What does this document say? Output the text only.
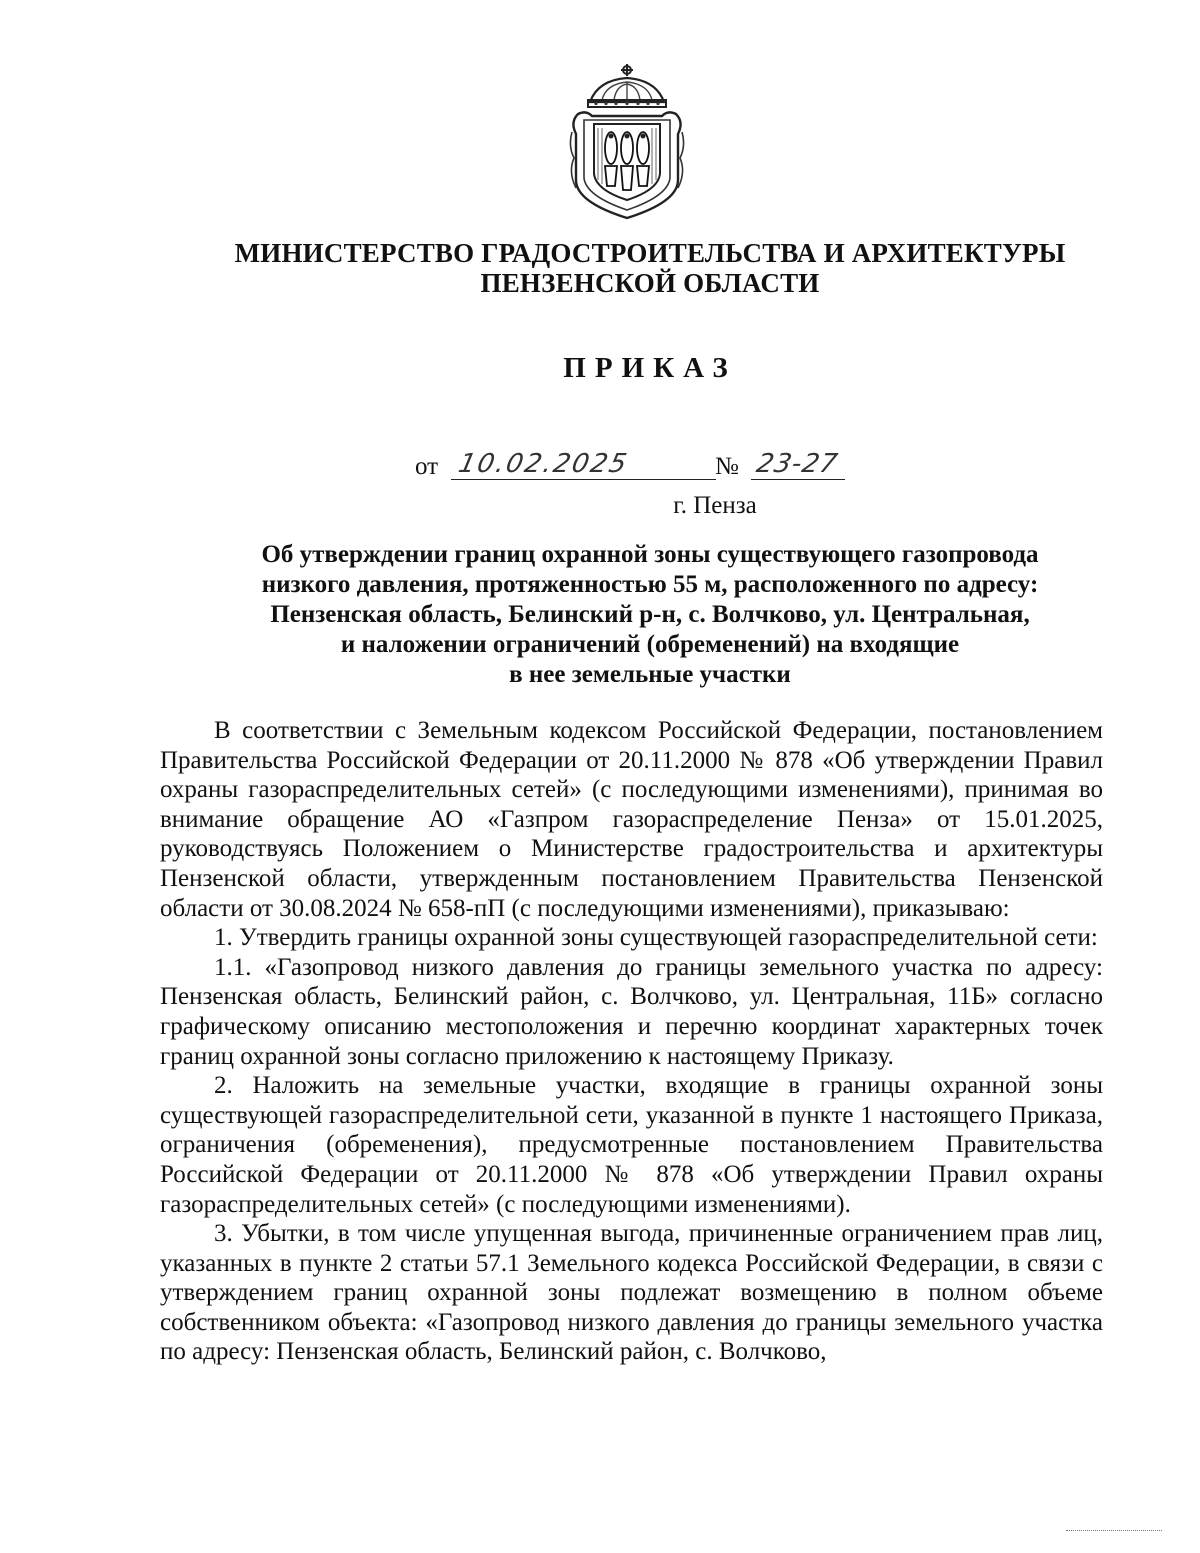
МИНИСТЕРСТВО ГРАДОСТРОИТЕЛЬСТВА И АРХИТЕКТУРЫ
ПЕНЗЕНСКОЙ ОБЛАСТИ
ПРИКАЗ
от 10.02.2025	№ 23-27
г. Пенза
Об утверждении границ охранной зоны существующего газопровода
низкого давления, протяженностью 55 м, расположенного по адресу:
Пензенская область, Белинский р-н, с. Волчково, ул. Центральная,
и наложении ограничений (обременений) на входящие
в нее земельные участки

В соответствии с Земельным кодексом Российской Федерации, постановлением Правительства Российской Федерации от 20.11.2000 № 878 «Об утверждении Правил охраны газораспределительных сетей» (с последующими изменениями), принимая во внимание обращение АО «Газпром газораспределение Пенза» от 15.01.2025, руководствуясь Положением о Министерстве градостроительства и архитектуры Пензенской области, утвержденным постановлением Правительства Пензенской области от 30.08.2024 № 658-пП (с последующими изменениями), приказываю:

1. Утвердить границы охранной зоны существующей газораспределительной сети:

1.1. «Газопровод низкого давления до границы земельного участка по адресу: Пензенская область, Белинский район, с. Волчково, ул. Центральная, 11Б» согласно графическому описанию местоположения и перечню координат характерных точек границ охранной зоны согласно приложению к настоящему Приказу.

2. Наложить на земельные участки, входящие в границы охранной зоны существующей газораспределительной сети, указанной в пункте 1 настоящего Приказа, ограничения (обременения), предусмотренные постановлением Правительства Российской Федерации от 20.11.2000 № 878 «Об утверждении Правил охраны газораспределительных сетей» (с последующими изменениями).

3. Убытки, в том числе упущенная выгода, причиненные ограничением прав лиц, указанных в пункте 2 статьи 57.1 Земельного кодекса Российской Федерации, в связи с утверждением границ охранной зоны подлежат возмещению в полном объеме собственником объекта: «Газопровод низкого давления до границы земельного участка по адресу: Пензенская область, Белинский район, с. Волчково,
